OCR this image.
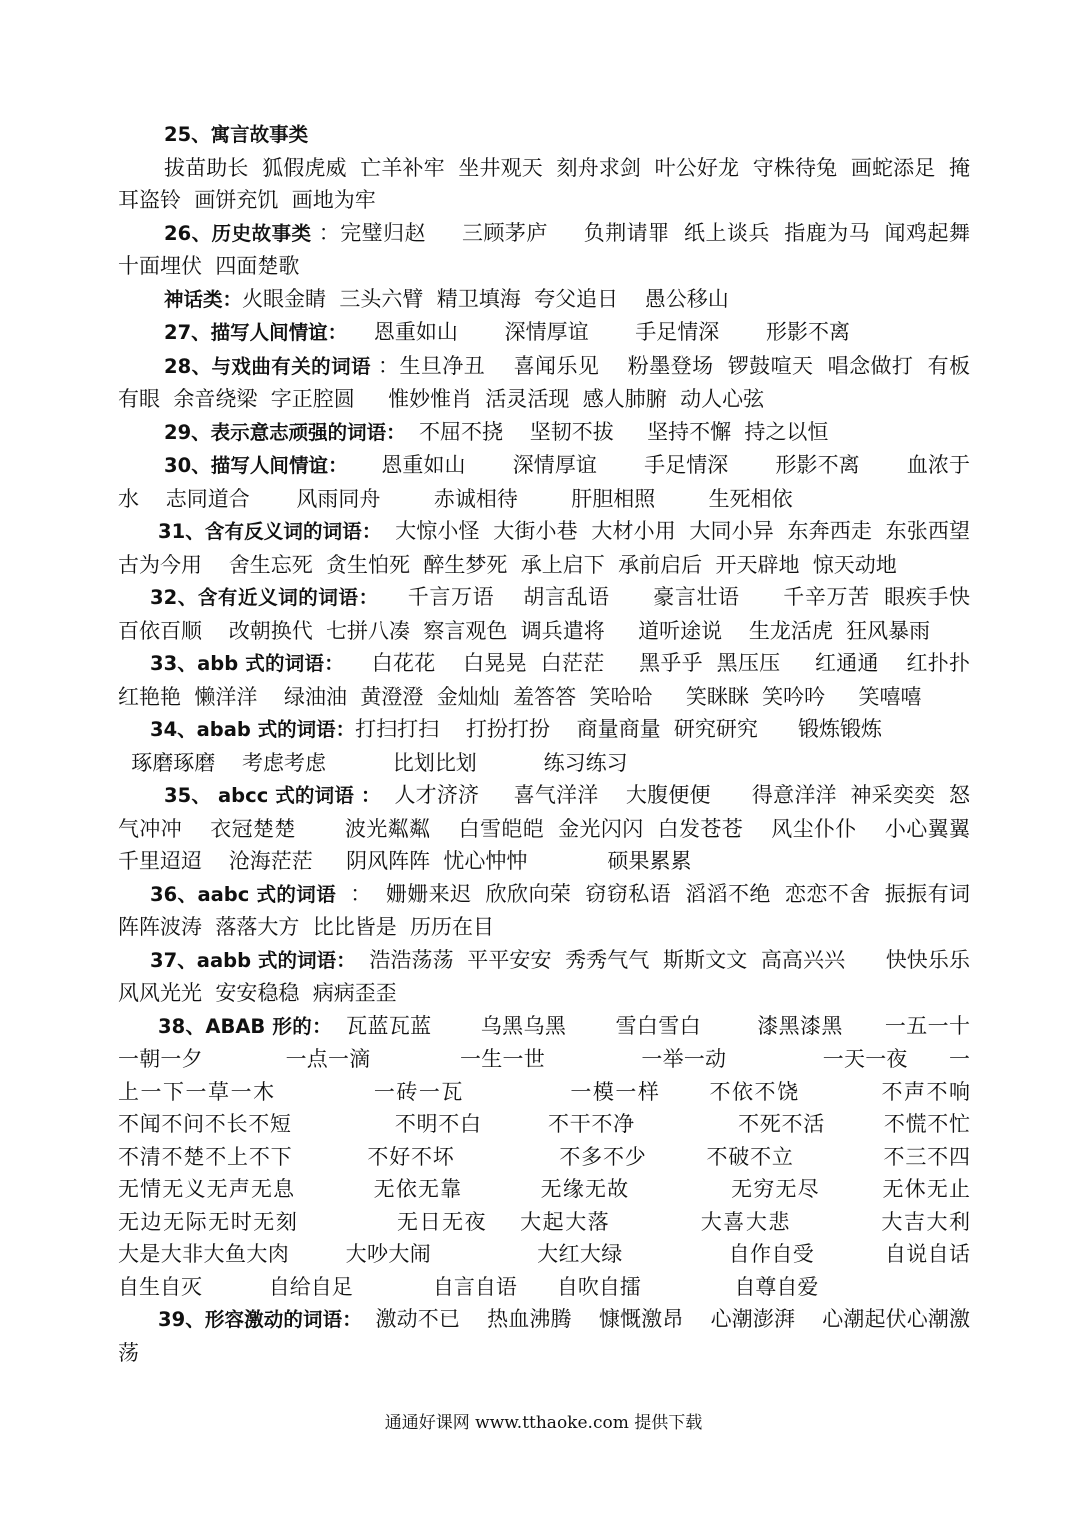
25、寓言故事类

拔苗助长  狐假虎威  亡羊补牢  坐井观天  刻舟求剑  叶公好龙  守株待兔  画蛇添足  掩耳盗铃  画饼充饥  画地为牢

26、历史故事类 ：完璧归赵     三顾茅庐     负荆请罪  纸上谈兵  指鹿为马  闻鸡起舞  十面埋伏  四面楚歌

神话类：火眼金睛  三头六臂  精卫填海  夸父追日    愚公移山

27、描写人间情谊：    恩重如山       深情厚谊       手足情深       形影不离

28、与戏曲有关的词语 ：生旦净丑    喜闻乐见    粉墨登场  锣鼓喧天  唱念做打  有板有眼  余音绕梁  字正腔圆     惟妙惟肖  活灵活现  感人肺腑  动人心弦

29、表示意志顽强的词语：  不屈不挠    坚韧不拔     坚持不懈  持之以恒

30、描写人间情谊：     恩重如山       深情厚谊       手足情深       形影不离       血浓于水    志同道合       风雨同舟        赤诚相待        肝胆相照        生死相依

31、含有反义词的词语：  大惊小怪  大街小巷  大材小用  大同小异  东奔西走  东张西望  古为今用    舍生忘死  贪生怕死  醉生梦死  承上启下  承前启后  开天辟地  惊天动地

32、含有近义词的词语：    千言万语    胡言乱语      豪言壮语      千辛万苦  眼疾手快  百依百顺    改朝换代  七拼八凑  察言观色  调兵遣将     道听途说    生龙活虎  狂风暴雨

33、abb 式的词语：    白花花    白晃晃  白茫茫     黑乎乎  黑压压     红通通    红扑扑  红艳艳  懒洋洋    绿油油  黄澄澄  金灿灿  羞答答  笑哈哈     笑眯眯  笑吟吟     笑嘻嘻

34、abab 式的词语：打扫打扫    打扮打扮    商量商量  研究研究      锻炼锻炼
琢磨琢磨    考虑考虑          比划比划          练习练习

35、 abcc 式的词语 ：  人才济济     喜气洋洋    大腹便便      得意洋洋  神采奕奕  怒气冲冲    衣冠楚楚       波光粼粼    白雪皑皑  金光闪闪  白发苍苍    风尘仆仆    小心翼翼      千里迢迢    沧海茫茫     阴风阵阵  忧心忡忡            硕果累累

36、aabc 式的词语  ：  姗姗来迟  欣欣向荣  窃窃私语  滔滔不绝  恋恋不舍  振振有词  阵阵波涛  落落大方  比比皆是  历历在目

37、aabb 式的词语：  浩浩荡荡  平平安安  秀秀气气  斯斯文文  高高兴兴      快快乐乐  风风光光  安安稳稳  病病歪歪

38、ABAB 形的：  瓦蓝瓦蓝       乌黑乌黑       雪白雪白        漆黑漆黑      一五一十一朝一夕            一点一滴             一生一世              一举一动              一天一夜      一上一下一草一木            一砖一瓦             一模一样      不依不饶          不声不响             不闻不问不长不短              不明不白         不干不净              不死不活        不慌不忙         不清不楚不上不下          不好不坏              不多不少        不破不立            不三不四      无情无义无声无息          无依无靠          无缘无故             无穷无尽        无休无止           无边无际无时无刻            无日无夜    大起大落           大喜大悲           大吉大利           大是大非大鱼大肉        大吵大闹               大红大绿               自作自受          自说自话            自生自灭          自给自足            自言自语      自吹自擂              自尊自爱

39、形容激动的词语：  激动不已    热血沸腾    慷慨激昂    心潮澎湃    心潮起伏心潮激荡

通通好课网 www.tthaoke.com 提供下载
